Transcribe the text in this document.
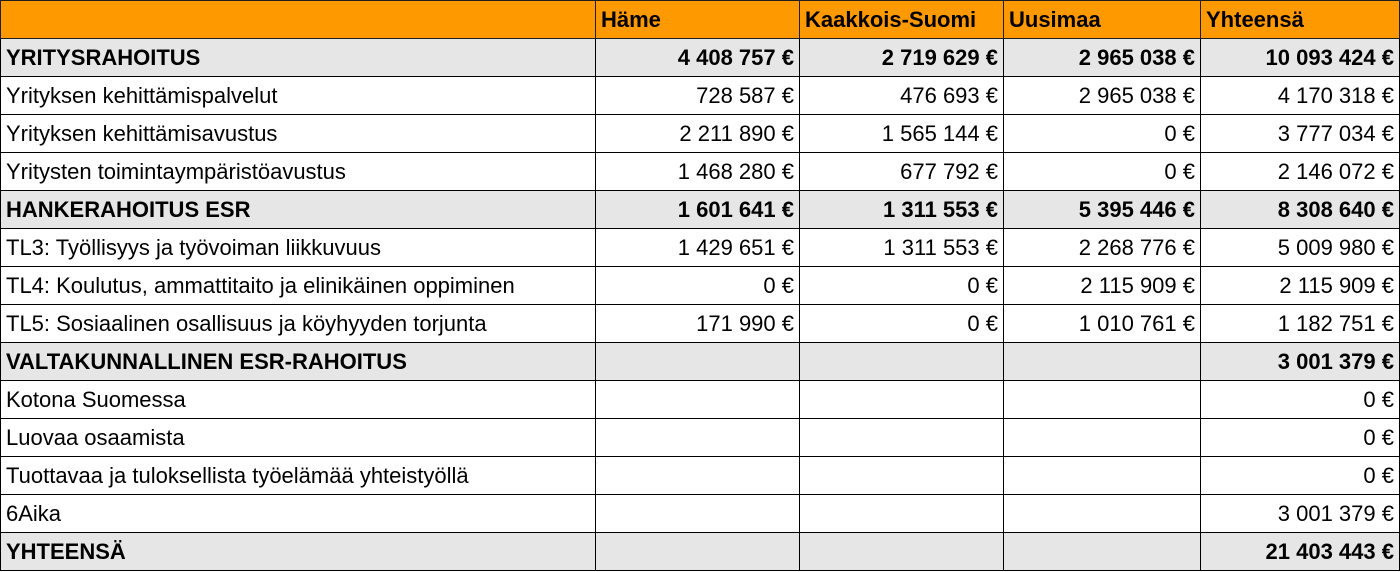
	Häme	Kaakkois-Suomi	Uusimaa	Yhteensä
YRITYSRAHOITUS	4 408 757 €	2 719 629 €	2 965 038 €	10 093 424 €
Yrityksen kehittämispalvelut	728 587 €	476 693 €	2 965 038 €	4 170 318 €
Yrityksen kehittämisavustus	2 211 890 €	1 565 144 €	0 €	3 777 034 €
Yritysten toimintaympäristöavustus	1 468 280 €	677 792 €	0 €	2 146 072 €
HANKERAHOITUS ESR	1 601 641 €	1 311 553 €	5 395 446 €	8 308 640 €
TL3: Työllisyys ja työvoiman liikkuvuus	1 429 651 €	1 311 553 €	2 268 776 €	5 009 980 €
TL4: Koulutus, ammattitaito ja elinikäinen oppiminen	0 €	0 €	2 115 909 €	2 115 909 €
TL5: Sosiaalinen osallisuus ja köyhyyden torjunta	171 990 €	0 €	1 010 761 €	1 182 751 €
VALTAKUNNALLINEN ESR-RAHOITUS				3 001 379 €
Kotona Suomessa				0 €
Luovaa osaamista				0 €
Tuottavaa ja tuloksellista työelämää yhteistyöllä				0 €
6Aika				3 001 379 €
YHTEENSÄ				21 403 443 €
